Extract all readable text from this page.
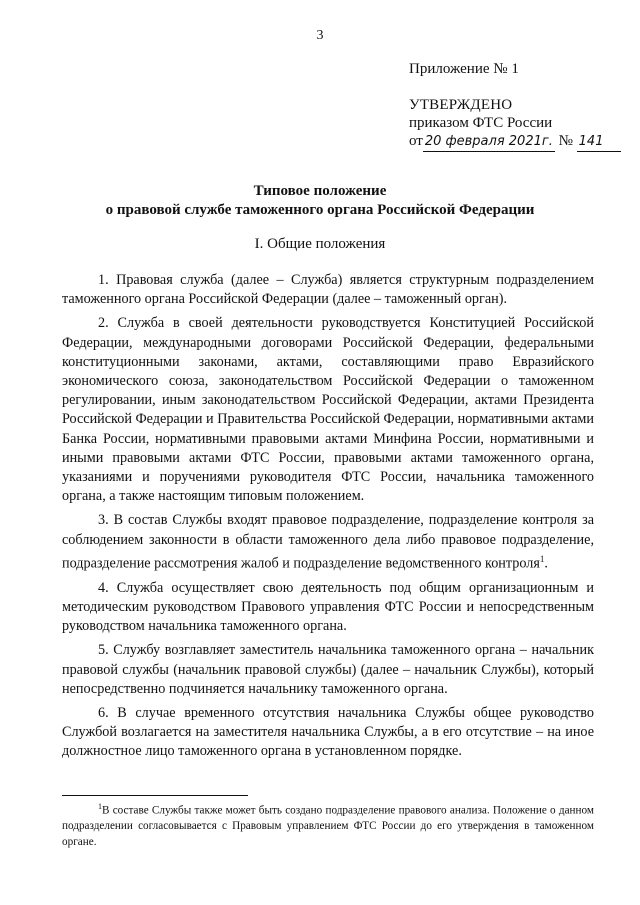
3
Приложение № 1
УТВЕРЖДЕНО
приказом ФТС России
от 20 февраля 2021г. № 141
Типовое положение
о правовой службе таможенного органа Российской Федерации
I. Общие положения

1. Правовая служба (далее – Служба) является структурным подразделением таможенного органа Российской Федерации (далее – таможенный орган).

2. Служба в своей деятельности руководствуется Конституцией Российской Федерации, международными договорами Российской Федерации, федеральными конституционными законами, актами, составляющими право Евразийского экономического союза, законодательством Российской Федерации о таможенном регулировании, иным законодательством Российской Федерации, актами Президента Российской Федерации и Правительства Российской Федерации, нормативными актами Банка России, нормативными правовыми актами Минфина России, нормативными и иными правовыми актами ФТС России, правовыми актами таможенного органа, указаниями и поручениями руководителя ФТС России, начальника таможенного органа, а также настоящим типовым положением.

3. В состав Службы входят правовое подразделение, подразделение контроля за соблюдением законности в области таможенного дела либо правовое подразделение, подразделение рассмотрения жалоб и подразделение ведомственного контроля$^1$.

4. Служба осуществляет свою деятельность под общим организационным и методическим руководством Правового управления ФТС России и непосредственным руководством начальника таможенного органа.

5. Службу возглавляет заместитель начальника таможенного органа – начальник правовой службы (начальник правовой службы) (далее – начальник Службы), который непосредственно подчиняется начальнику таможенного органа.

6. В случае временного отсутствия начальника Службы общее руководство Службой возлагается на заместителя начальника Службы, а в его отсутствие – на иное должностное лицо таможенного органа в установленном порядке.

$^1$В составе Службы также может быть создано подразделение правового анализа. Положение о данном подразделении согласовывается с Правовым управлением ФТС России до его утверждения в таможенном органе.
